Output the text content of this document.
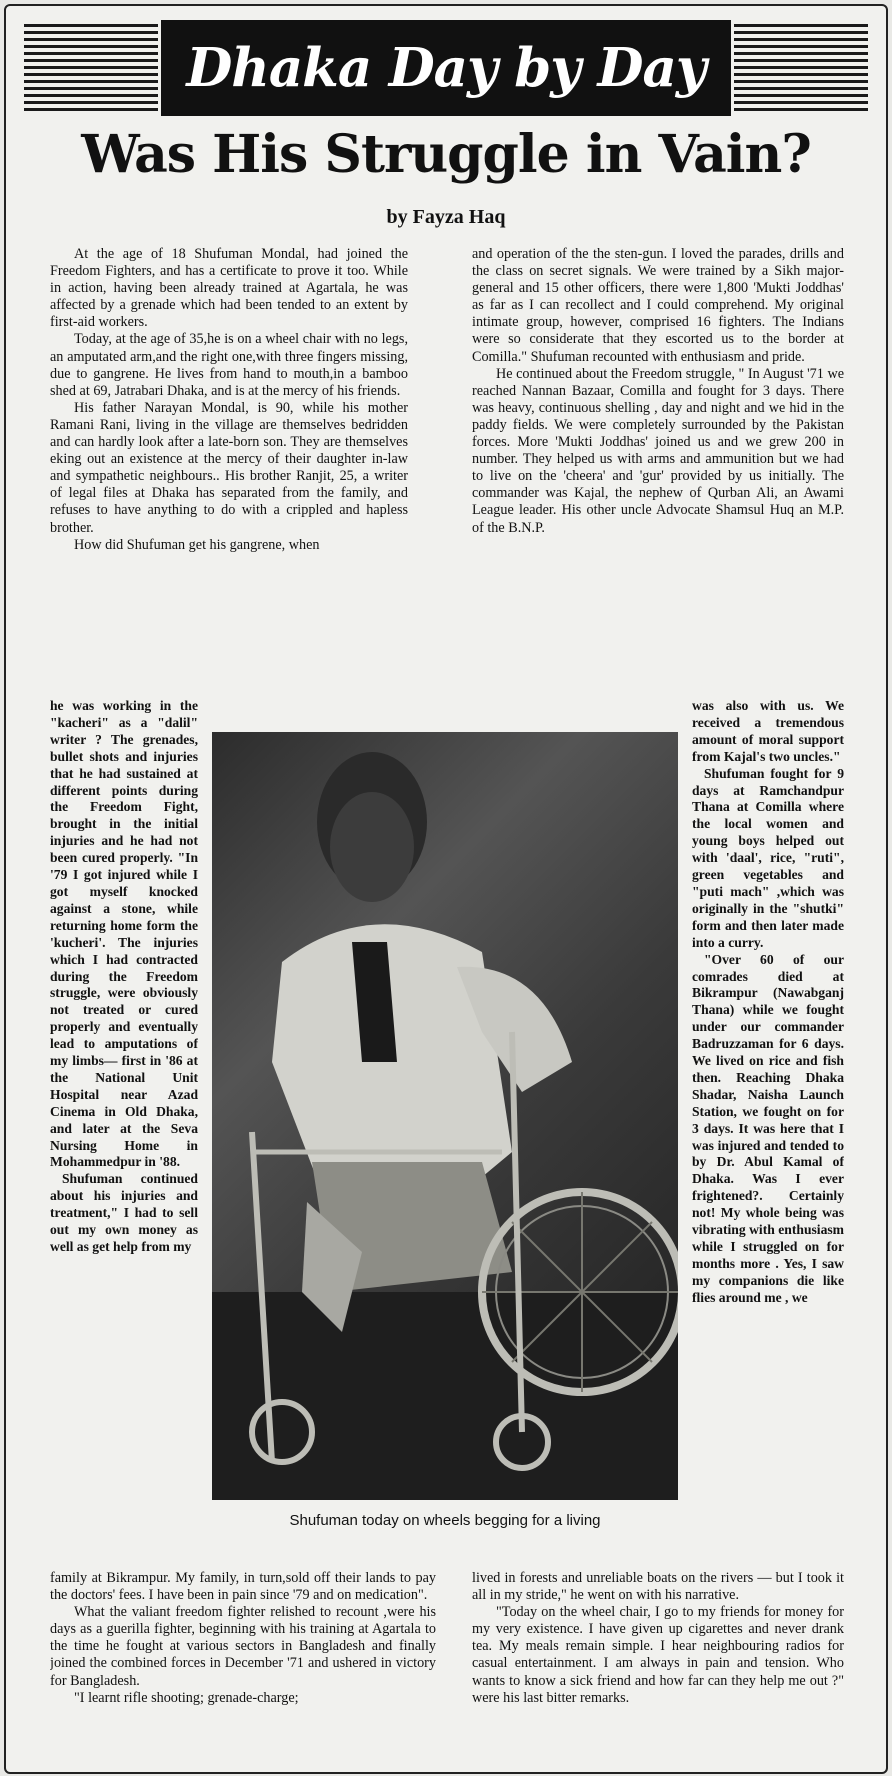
Dhaka Day by Day
Was His Struggle in Vain?
by Fayza Haq

At the age of 18 Shufuman Mondal, had joined the Freedom Fighters, and has a certificate to prove it too. While in action, having been already trained at Agartala, he was affected by a grenade which had been tended to an extent by first-aid workers.

Today, at the age of 35,he is on a wheel chair with no legs, an amputated arm,and the right one,with three fingers missing, due to gangrene. He lives from hand to mouth,in a bamboo shed at 69, Jatrabari Dhaka, and is at the mercy of his friends.

His father Narayan Mondal, is 90, while his mother Ramani Rani, living in the village are themselves bedridden and can hardly look after a late-born son. They are themselves eking out an existence at the mercy of their daughter in-law and sympathetic neighbours.. His brother Ranjit, 25, a writer of legal files at Dhaka has separated from the family, and refuses to have anything to do with a crippled and hapless brother.

How did Shufuman get his gangrene, when

and operation of the the sten-gun. I loved the parades, drills and the class on secret signals. We were trained by a Sikh major-general and 15 other officers, there were 1,800 'Mukti Joddhas' as far as I can recollect and I could comprehend. My original intimate group, however, comprised 16 fighters. The Indians were so considerate that they escorted us to the border at Comilla." Shufuman recounted with enthusiasm and pride.

He continued about the Freedom struggle, " In August '71 we reached Nannan Bazaar, Comilla and fought for 3 days. There was heavy, continuous shelling , day and night and we hid in the paddy fields. We were completely surrounded by the Pakistan forces. More 'Mukti Joddhas' joined us and we grew 200 in number. They helped us with arms and ammunition but we had to live on the 'cheera' and 'gur' provided by us initially. The commander was Kajal, the nephew of Qurban Ali, an Awami League leader. His other uncle Advocate Shamsul Huq an M.P. of the B.N.P.

he was working in the "kacheri" as a "dalil" writer ? The grenades, bullet shots and injuries that he had sustained at different points during the Freedom Fight, brought in the initial injuries and he had not been cured properly. "In '79 I got injured while I got myself knocked against a stone, while returning home form the 'kucheri'. The injuries which I had contracted during the Freedom struggle, were obviously not treated or cured properly and eventually lead to amputations of my limbs— first in '86 at the National Unit Hospital near Azad Cinema in Old Dhaka, and later at the Seva Nursing Home in Mohammedpur in '88.

Shufuman continued about his injuries and treatment," I had to sell out my own money as well as get help from my

Shufuman today on wheels begging for a living

was also with us. We received a tremendous amount of moral support from Kajal's two uncles."

Shufuman fought for 9 days at Ramchandpur Thana at Comilla where the local women and young boys helped out with 'daal', rice, "ruti", green vegetables and "puti mach" ,which was originally in the "shutki" form and then later made into a curry.

"Over 60 of our comrades died at Bikrampur (Nawabganj Thana) while we fought under our commander Badruzzaman for 6 days. We lived on rice and fish then. Reaching Dhaka Shadar, Naisha Launch Station, we fought on for 3 days. It was here that I was injured and tended to by Dr. Abul Kamal of Dhaka. Was I ever frightened?. Certainly not! My whole being was vibrating with enthusiasm while I struggled on for months more . Yes, I saw my companions die like flies around me , we

family at Bikrampur. My family, in turn,sold off their lands to pay the doctors' fees. I have been in pain since '79 and on medication".

What the valiant freedom fighter relished to recount ,were his days as a guerilla fighter, beginning with his training at Agartala to the time he fought at various sectors in Bangladesh and finally joined the combined forces in December '71 and ushered in victory for Bangladesh.

"I learnt rifle shooting; grenade-charge;

lived in forests and unreliable boats on the rivers — but I took it all in my stride," he went on with his narrative.

"Today on the wheel chair, I go to my friends for money for my very existence. I have given up cigarettes and never drank tea. My meals remain simple. I hear neighbouring radios for casual entertainment. I am always in pain and tension. Who wants to know a sick friend and how far can they help me out ?" were his last bitter remarks.
